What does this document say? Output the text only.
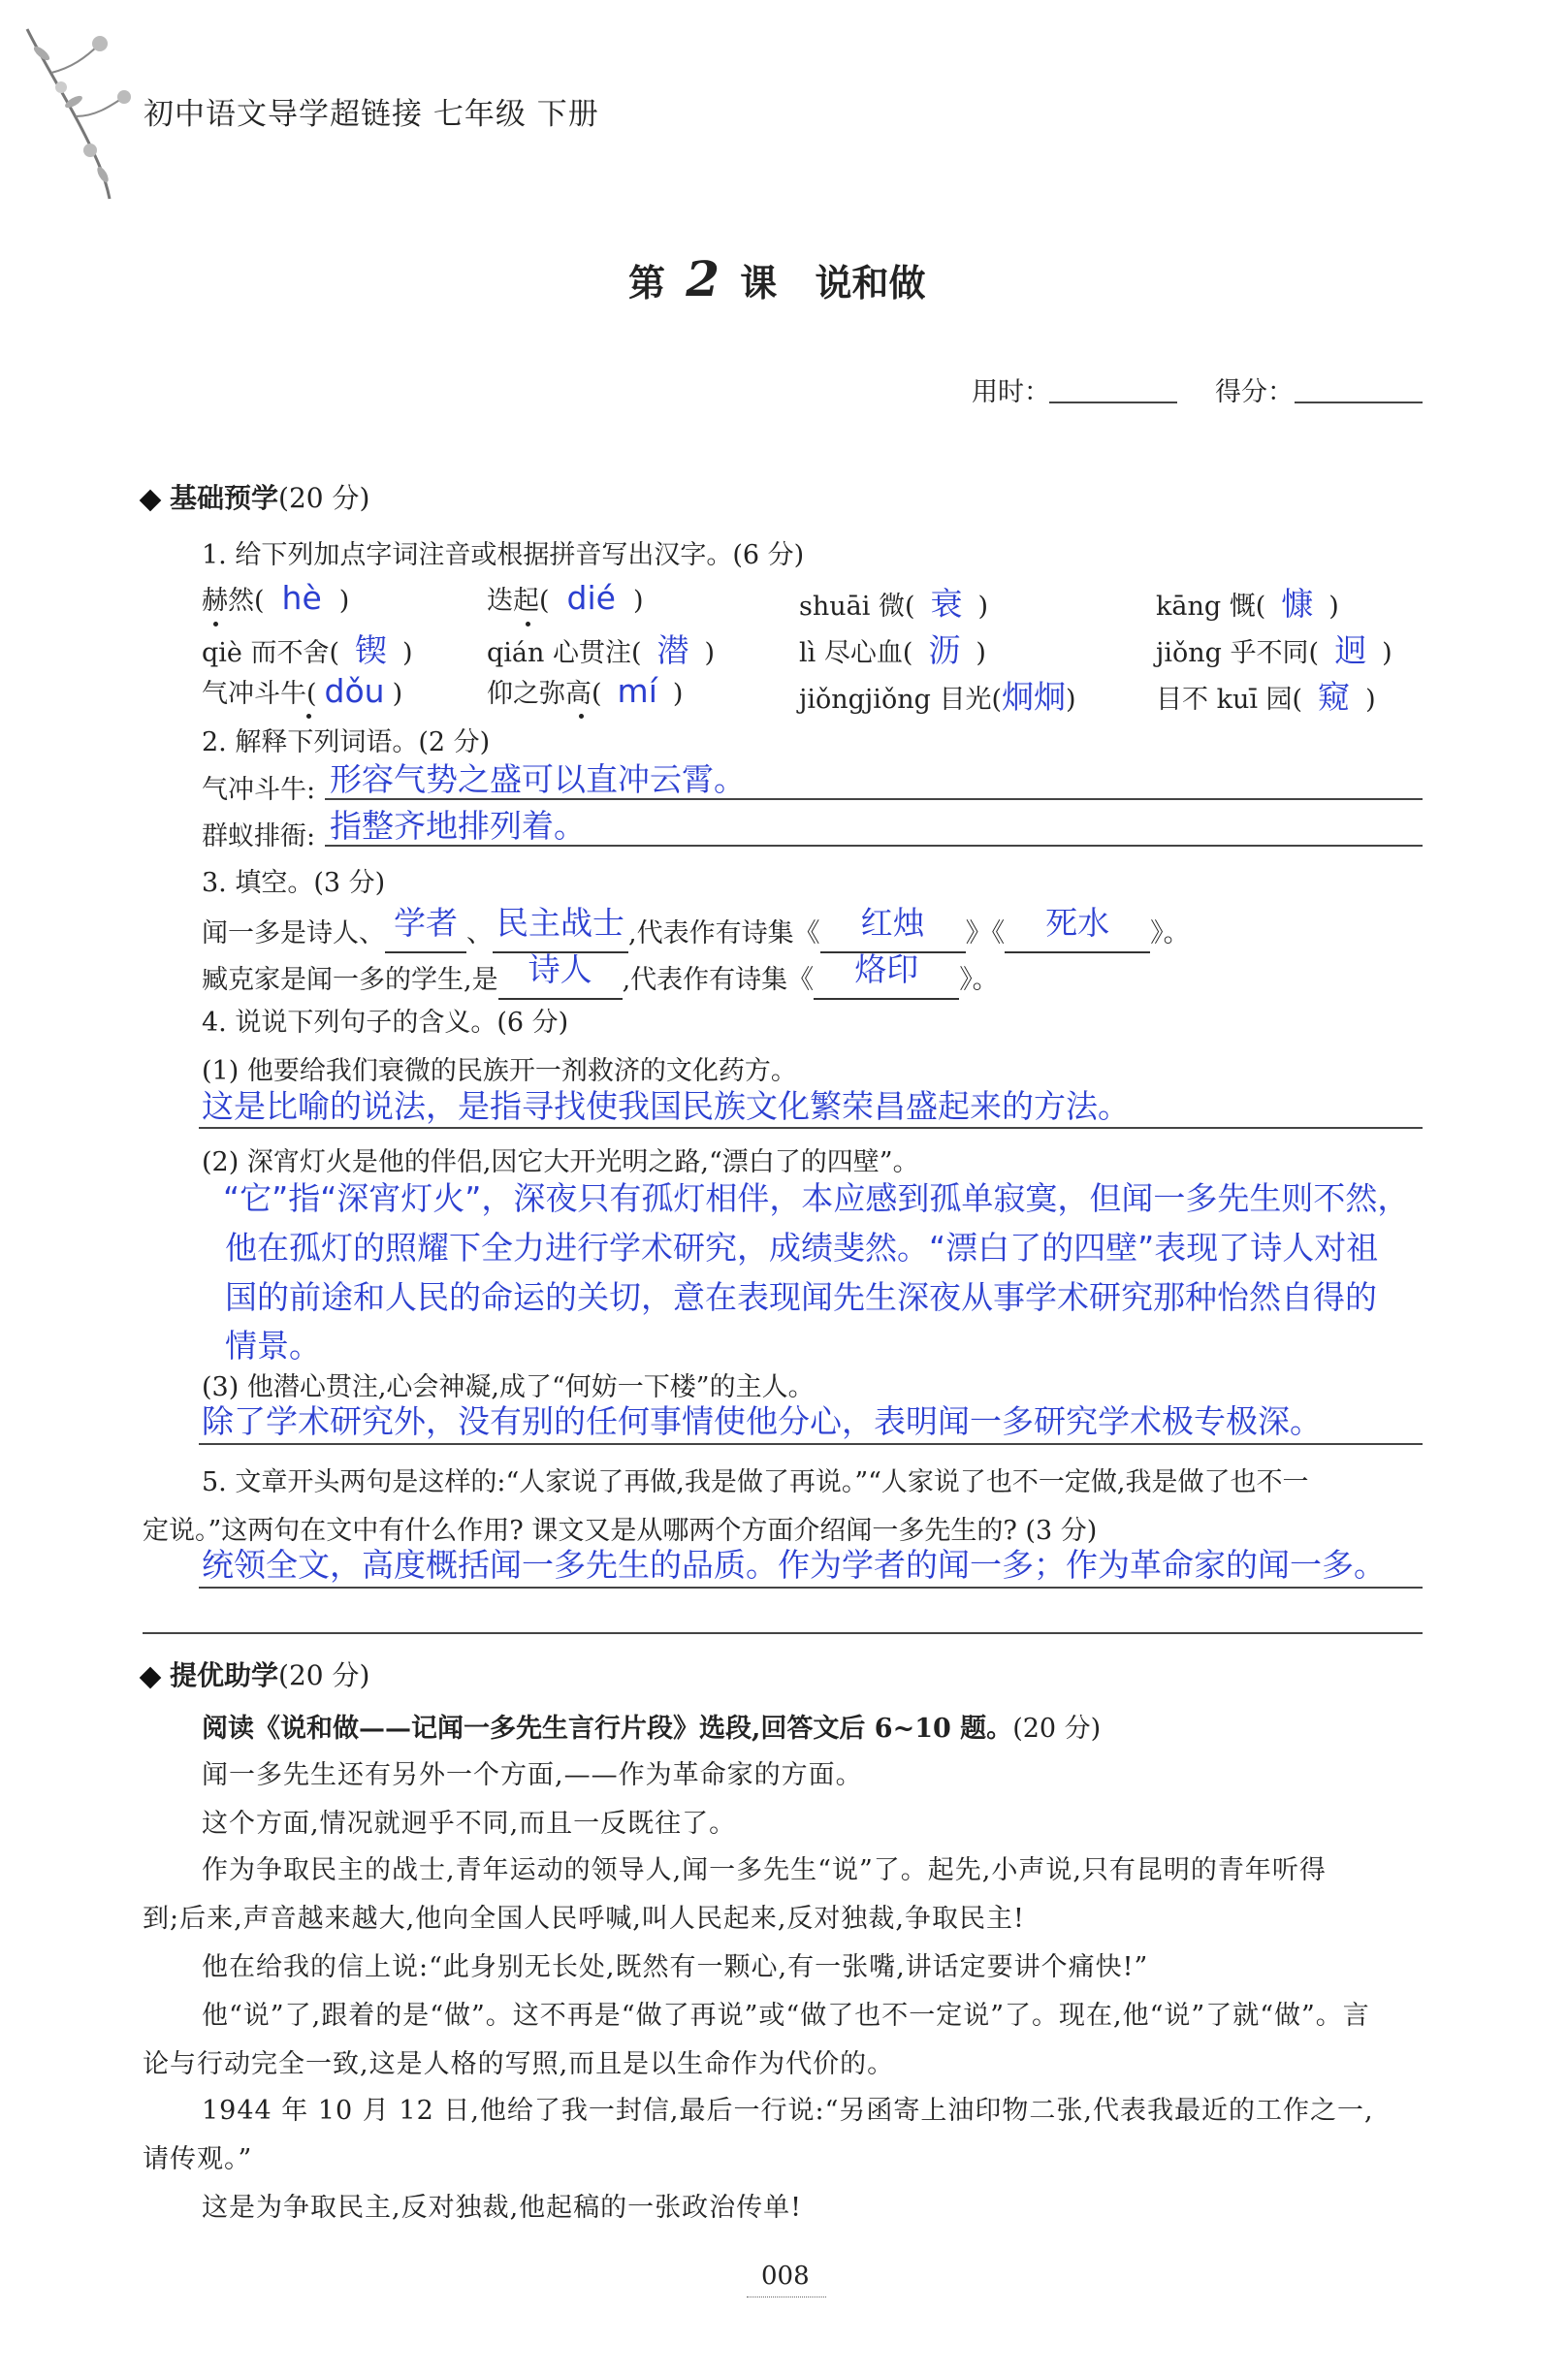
初中语文导学超链接 七年级 下册
第 2 课 说和做
用时：	得分：
基础预学(20 分)
1. 给下列加点字词注音或根据拼音写出汉字。(6 分)
赫然( hè )	迭起( dié )	shuāi 微( 衰 )	kāng 慨( 慷 )
qiè 而不舍( 锲 )	qián 心贯注( 潜 )	lì 尽心血( 沥 )	jiǒng 乎不同( 迥 )
气冲斗牛( dǒu )	仰之弥高( mí )	jiǒngjiǒng 目光(炯炯)	目不 kuī 园( 窥 )
2. 解释下列词语。(2 分)
气冲斗牛: 形容气势之盛可以直冲云霄。
群蚁排衙: 指整齐地排列着。
3. 填空。(3 分)
闻一多是诗人、 学者 、 民主战士 ,代表作有诗集《 红烛 》《 死水 》。
臧克家是闻一多的学生,是 诗人 ,代表作有诗集《 烙印 》。
4. 说说下列句子的含义。(6 分)
(1) 他要给我们衰微的民族开一剂救济的文化药方。
这是比喻的说法，是指寻找使我国民族文化繁荣昌盛起来的方法。
(2) 深宵灯火是他的伴侣,因它大开光明之路,“漂白了的四壁”。
“它”指“深宵灯火”，深夜只有孤灯相伴，本应感到孤单寂寞，但闻一多先生则不然，
他在孤灯的照耀下全力进行学术研究，成绩斐然。“漂白了的四壁”表现了诗人对祖
国的前途和人民的命运的关切，意在表现闻先生深夜从事学术研究那种怡然自得的
情景。
(3) 他潜心贯注,心会神凝,成了“何妨一下楼”的主人。
除了学术研究外，没有别的任何事情使他分心，表明闻一多研究学术极专极深。
5. 文章开头两句是这样的:“人家说了再做,我是做了再说。”“人家说了也不一定做,我是做了也不一
定说。”这两句在文中有什么作用? 课文又是从哪两个方面介绍闻一多先生的? (3 分)
统领全文，高度概括闻一多先生的品质。作为学者的闻一多；作为革命家的闻一多。
提优助学(20 分)
阅读《说和做——记闻一多先生言行片段》选段,回答文后 6~10 题。(20 分)
闻一多先生还有另外一个方面,——作为革命家的方面。
这个方面,情况就迥乎不同,而且一反既往了。
作为争取民主的战士,青年运动的领导人,闻一多先生“说”了。起先,小声说,只有昆明的青年听得
到;后来,声音越来越大,他向全国人民呼喊,叫人民起来,反对独裁,争取民主!
他在给我的信上说:“此身别无长处,既然有一颗心,有一张嘴,讲话定要讲个痛快!”
他“说”了,跟着的是“做”。这不再是“做了再说”或“做了也不一定说”了。现在,他“说”了就“做”。言
论与行动完全一致,这是人格的写照,而且是以生命作为代价的。
1944 年 10 月 12 日,他给了我一封信,最后一行说:“另函寄上油印物二张,代表我最近的工作之一,
请传观。”
这是为争取民主,反对独裁,他起稿的一张政治传单!
008
